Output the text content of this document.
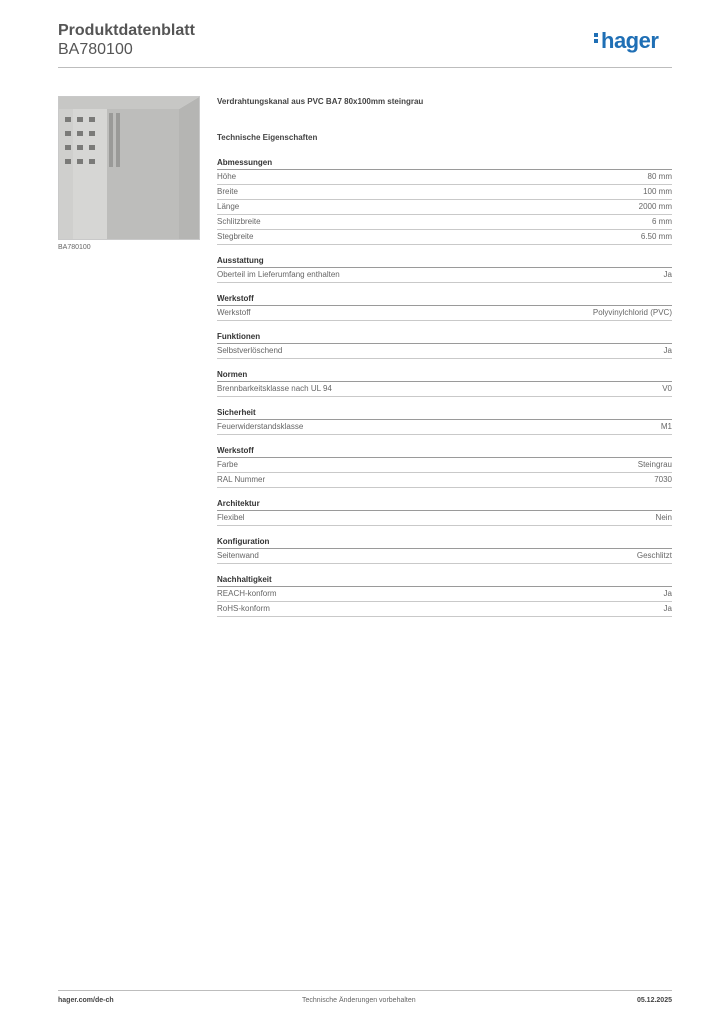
Produktdatenblatt
BA780100	hager
BA780100
Verdrahtungskanal aus PVC BA7 80x100mm steingrau
Technische Eigenschaften
Abmessungen
Höhe	80 mm
Breite	100 mm
Länge	2000 mm
Schlitzbreite	6 mm
Stegbreite	6.50 mm
Ausstattung
Oberteil im Lieferumfang enthalten	Ja
Werkstoff
Werkstoff	Polyvinylchlorid (PVC)
Funktionen
Selbstverlöschend	Ja
Normen
Brennbarkeitsklasse nach UL 94	V0
Sicherheit
Feuerwiderstandsklasse	M1
Werkstoff
Farbe	Steingrau
RAL Nummer	7030
Architektur
Flexibel	Nein
Konfiguration
Seitenwand	Geschlitzt
Nachhaltigkeit
REACH-konform	Ja
RoHS-konform	Ja
hager.com/de-ch	Technische Änderungen vorbehalten	05.12.2025
